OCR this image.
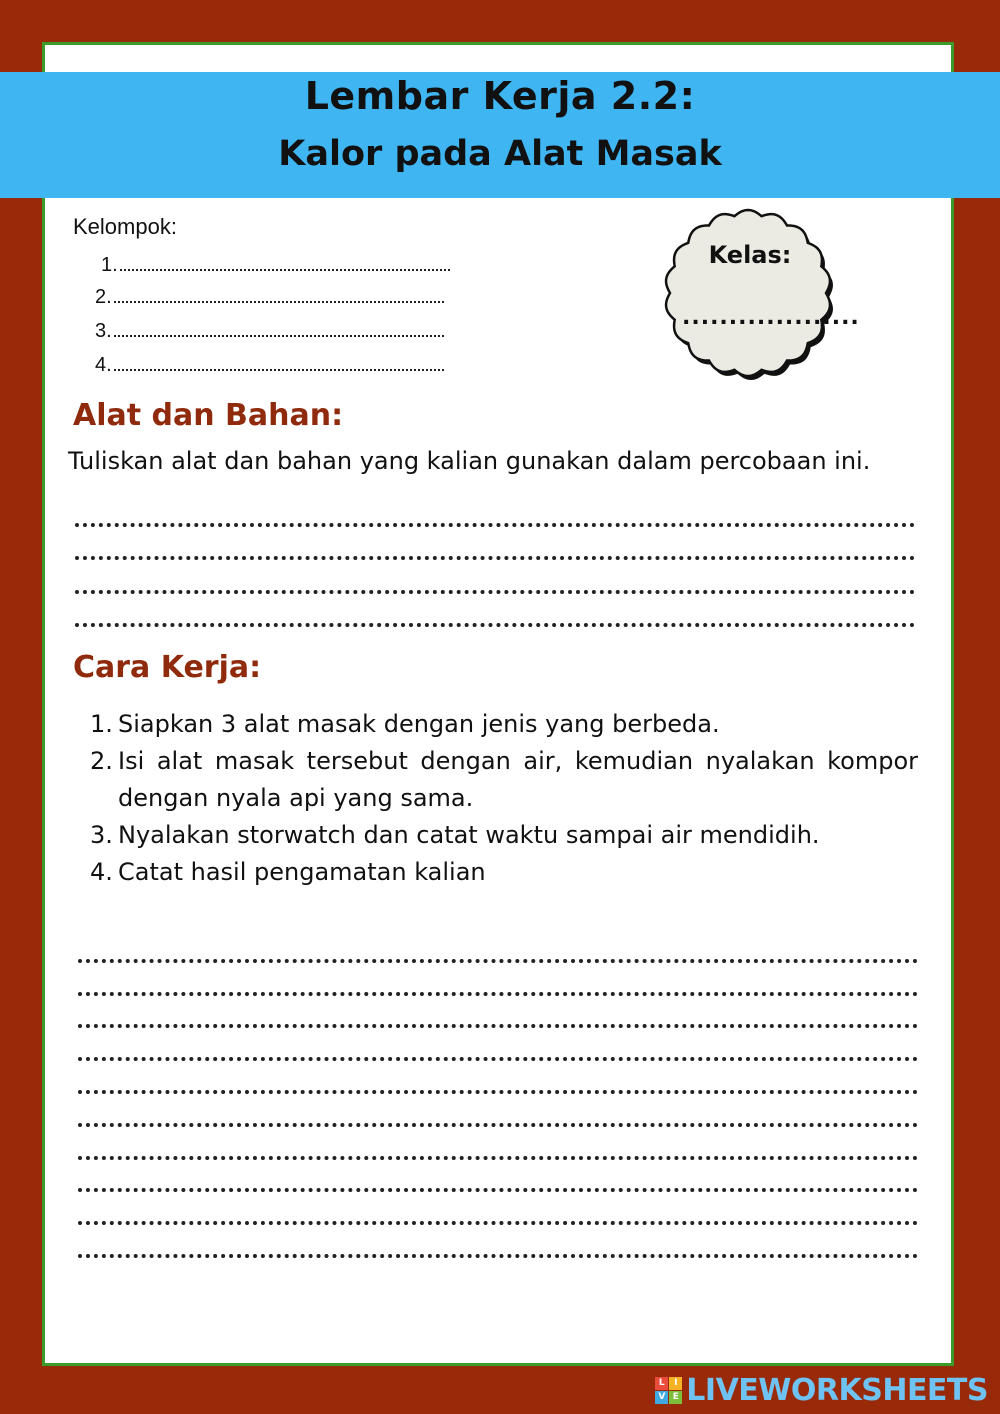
Lembar Kerja 2.2:
Kalor pada Alat Masak
Kelompok:
1.
2.
3.
4.
Kelas:
...................
Alat dan Bahan:
Tuliskan alat dan bahan yang kalian gunakan dalam percobaan ini.
Cara Kerja:
1. Siapkan 3 alat masak dengan jenis yang berbeda.
2. Isi alat masak tersebut dengan air, kemudian nyalakan kompor dengan nyala api yang sama.
3. Nyalakan storwatch dan catat waktu sampai air mendidih.
4. Catat hasil pengamatan kalian
L	I
V E LIVEWORKSHEETS
